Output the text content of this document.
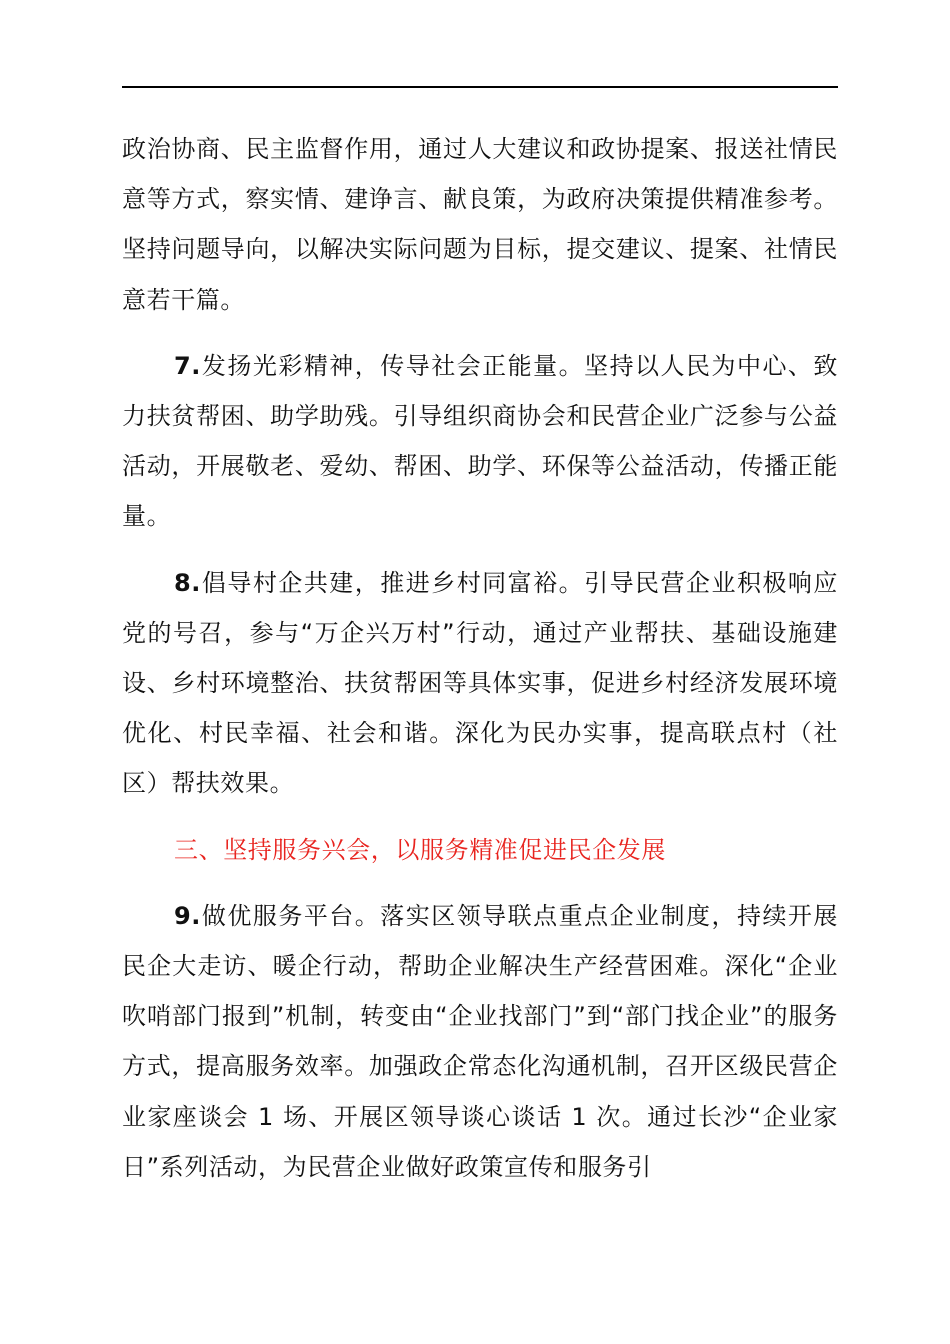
政治协商、民主监督作用，通过人大建议和政协提案、报送社情民意等方式，察实情、建诤言、献良策，为政府决策提供精准参考。坚持问题导向，以解决实际问题为目标，提交建议、提案、社情民意若干篇。

7.发扬光彩精神，传导社会正能量。坚持以人民为中心、致力扶贫帮困、助学助残。引导组织商协会和民营企业广泛参与公益活动，开展敬老、爱幼、帮困、助学、环保等公益活动，传播正能量。

8.倡导村企共建，推进乡村同富裕。引导民营企业积极响应党的号召，参与“万企兴万村”行动，通过产业帮扶、基础设施建设、乡村环境整治、扶贫帮困等具体实事，促进乡村经济发展环境优化、村民幸福、社会和谐。深化为民办实事，提高联点村（社区）帮扶效果。

三、坚持服务兴会，以服务精准促进民企发展

9.做优服务平台。落实区领导联点重点企业制度，持续开展民企大走访、暖企行动，帮助企业解决生产经营困难。深化“企业吹哨部门报到”机制，转变由“企业找部门”到“部门找企业”的服务方式，提高服务效率。加强政企常态化沟通机制，召开区级民营企业家座谈会 1 场、开展区领导谈心谈话 1 次。通过长沙“企业家日”系列活动，为民营企业做好政策宣传和服务引
